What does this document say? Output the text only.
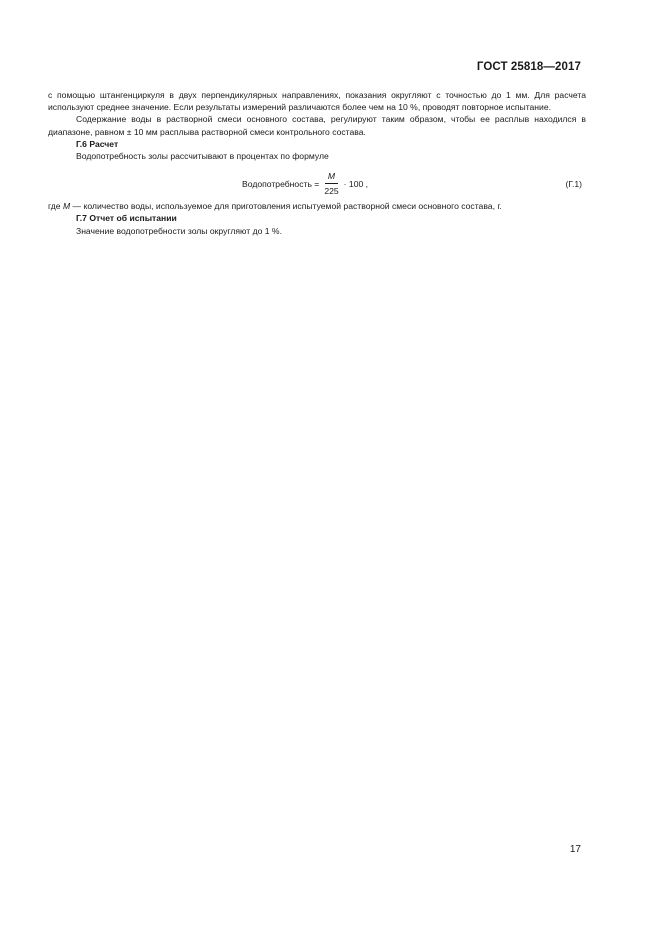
ГОСТ 25818—2017

с помощью штангенциркуля в двух перпендикулярных направлениях, показания округляют с точностью до 1 мм. Для расчета используют среднее значение. Если результаты измерений различаются более чем на 10 %, проводят повторное испытание.

Содержание воды в растворной смеси основного состава, регулируют таким образом, чтобы ее расплыв находился в диапазоне, равном ± 10 мм расплыва растворной смеси контрольного состава.

Г.6 Расчет

Водопотребность золы рассчитывают в процентах по формуле

Водопотребность = $\frac{M}{225} \cdot 100$ ,	(Г.1)

где M — количество воды, используемое для приготовления испытуемой растворной смеси основного состава, г.

Г.7 Отчет об испытании

Значение водопотребности золы округляют до 1 %.

17
